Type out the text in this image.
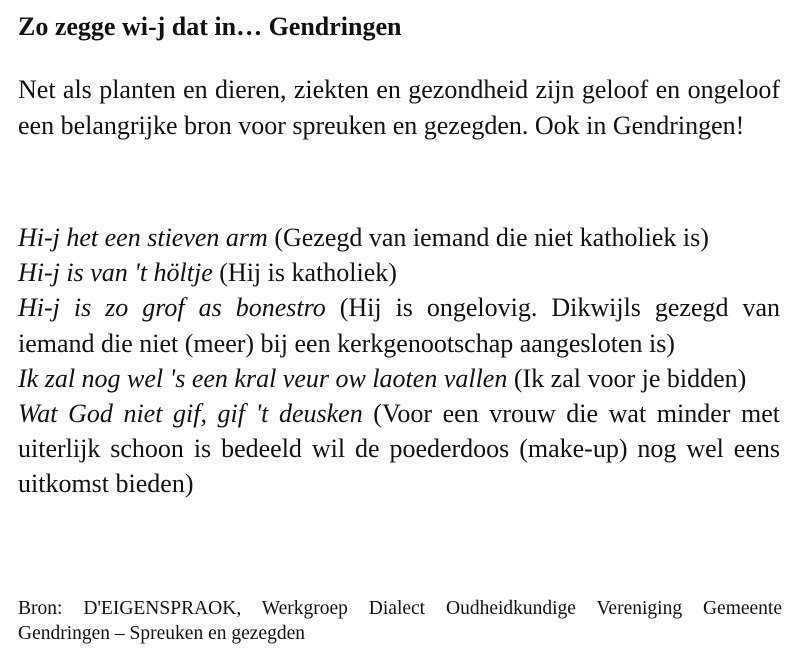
Zo zegge wi-j dat in… Gendringen

Net als planten en dieren, ziekten en gezondheid zijn geloof en ongeloof een belangrijke bron voor spreuken en gezegden. Ook in Gendringen!

Hi-j het een stieven arm (Gezegd van iemand die niet katholiek is)
Hi-j is van 't höltje (Hij is katholiek)
Hi-j is zo grof as bonestro (Hij is ongelovig. Dikwijls gezegd van iemand die niet (meer) bij een kerkgenootschap aangesloten is)
Ik zal nog wel 's een kral veur ow laoten vallen (Ik zal voor je bidden)
Wat God niet gif, gif 't deusken (Voor een vrouw die wat minder met uiterlijk schoon is bedeeld wil de poederdoos (make-up) nog wel eens uitkomst bieden)

Bron: D'EIGENSPRAOK, Werkgroep Dialect Oudheidkundige Vereniging Gemeente Gendringen – Spreuken en gezegden
